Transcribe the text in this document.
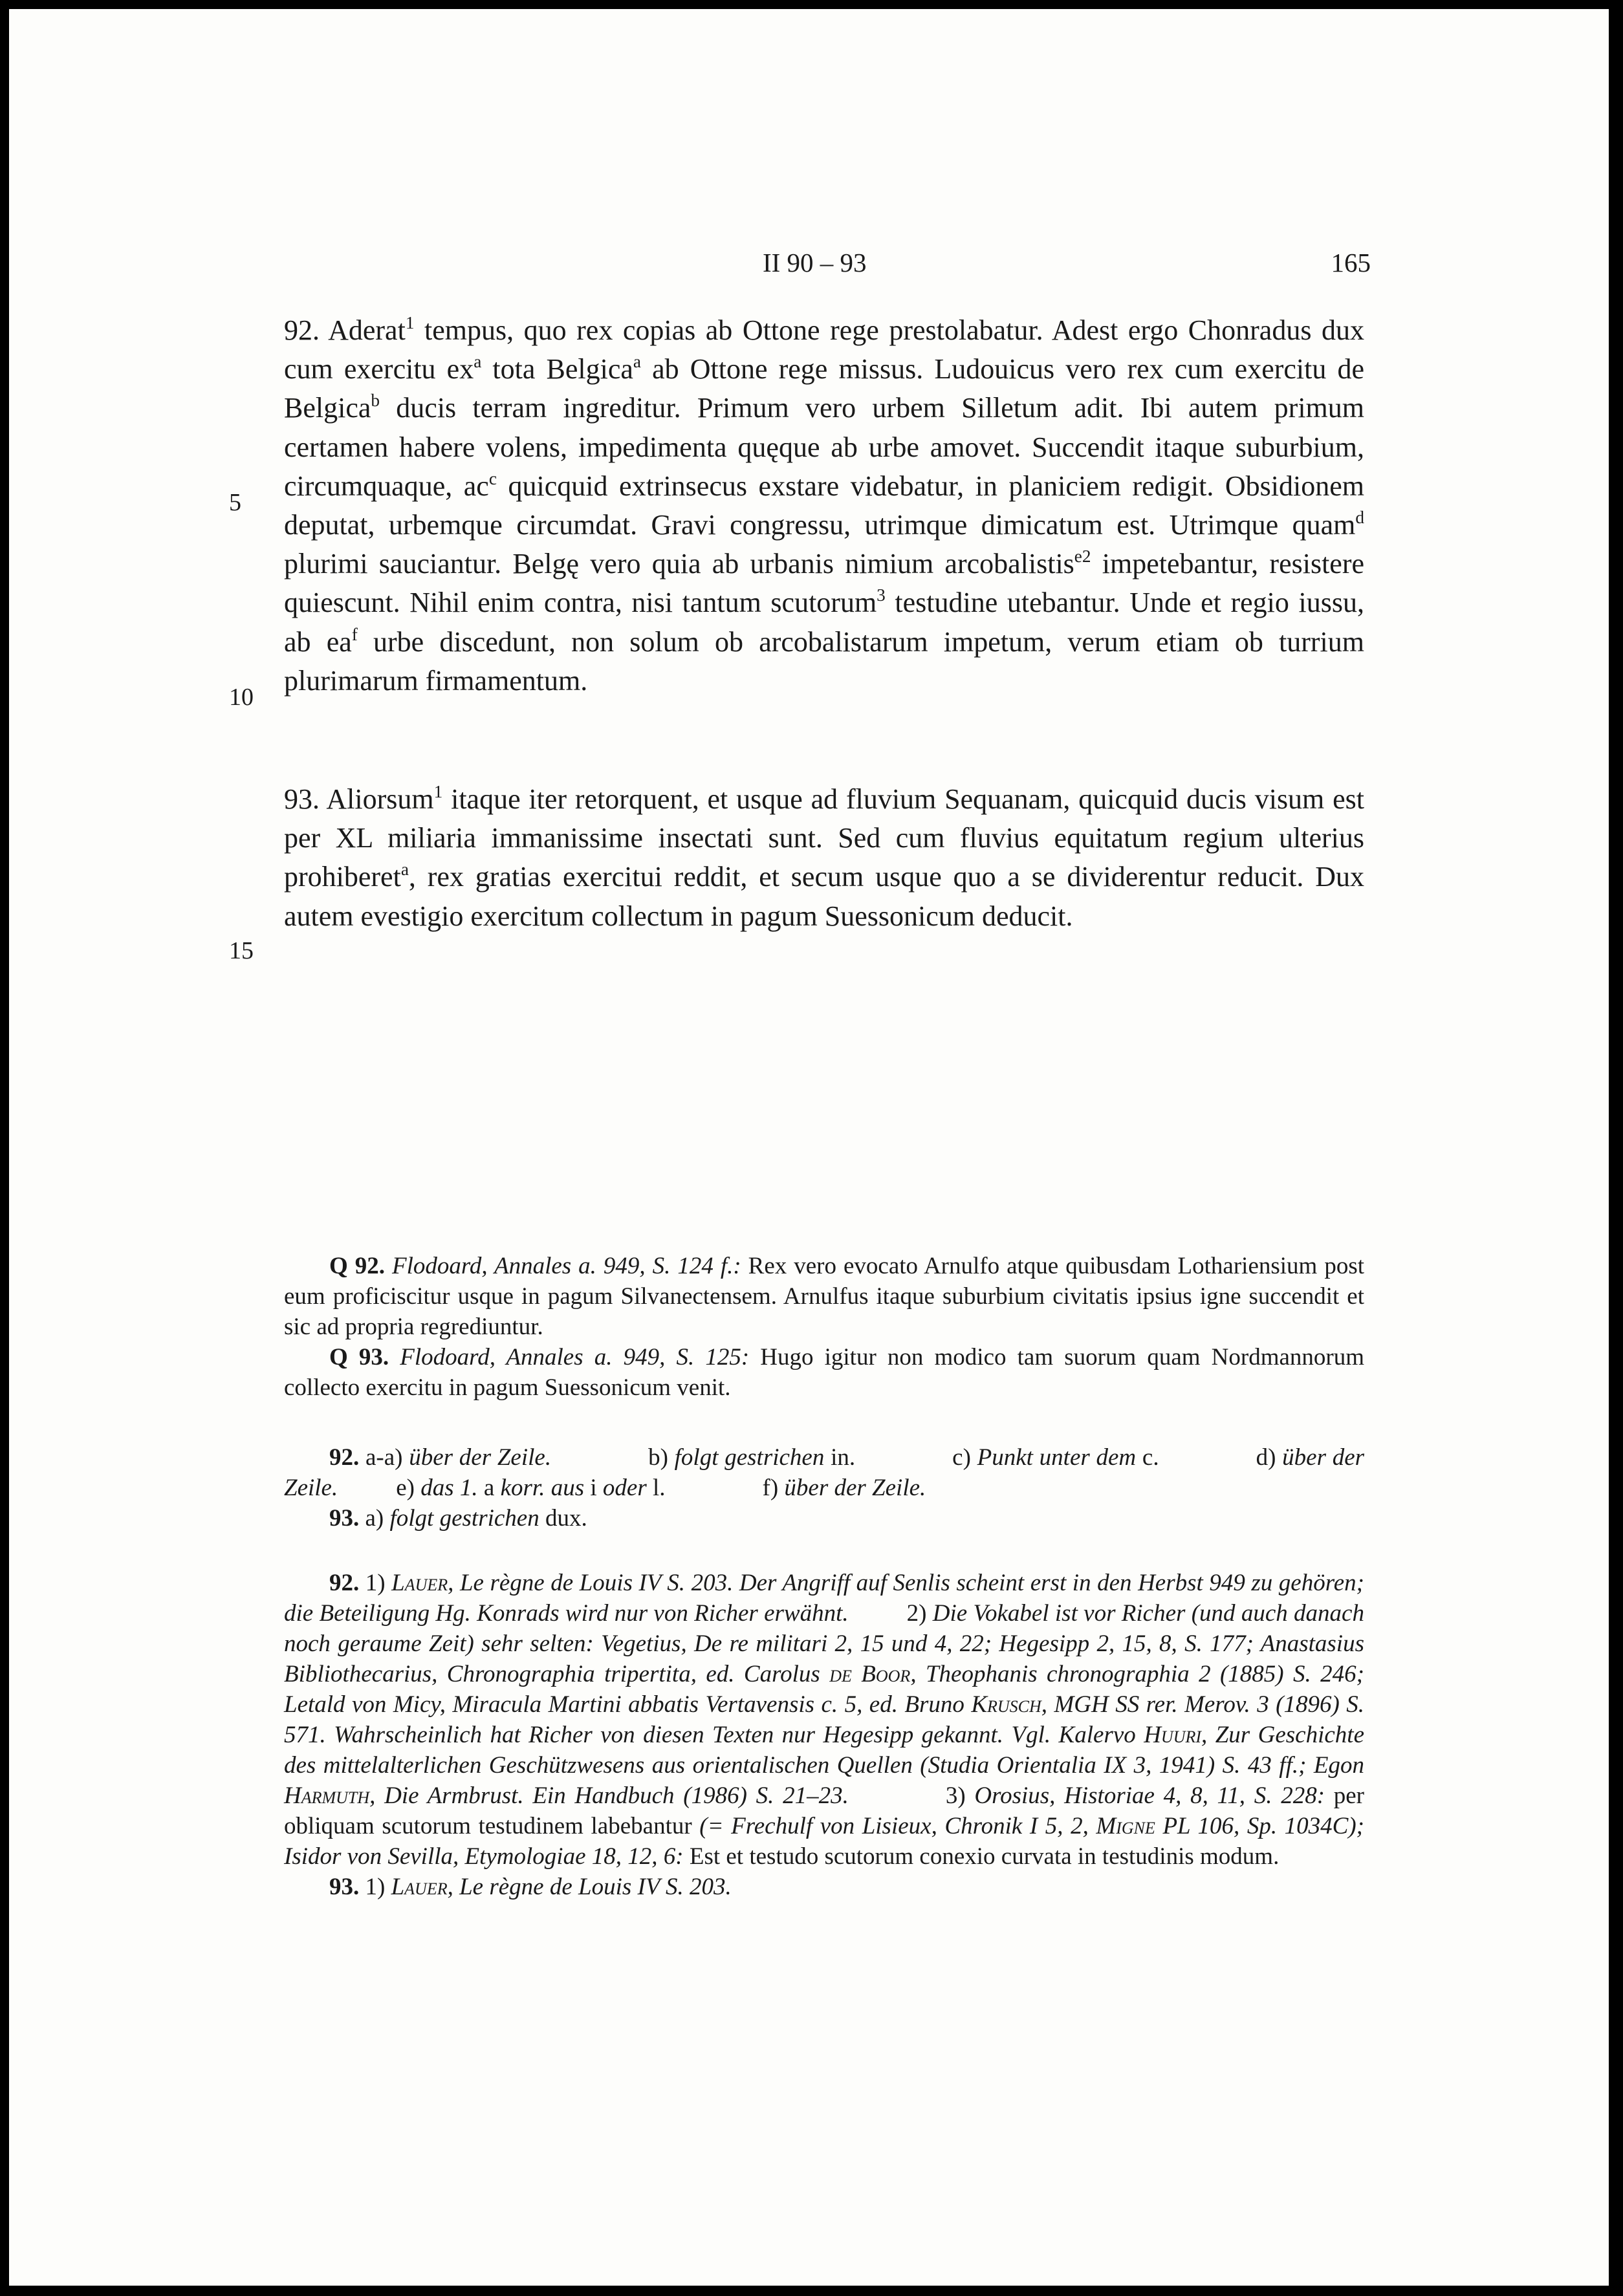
II 90 – 93	165
5
10
15

92. Aderat$^1$ tempus, quo rex copias ab Ottone rege prestolabatur. Adest ergo Chonradus dux cum exercitu $ex^a$ tota Belgica$^a$ ab Ottone rege missus. Ludouicus vero rex cum exercitu de Belgica$^b$ ducis terram ingreditur. Primum vero urbem Silletum adit. Ibi autem primum certamen habere volens, impedimenta quęque ab urbe amovet. Succendit itaque suburbium, circumquaque, $ac^c$ quicquid extrinsecus exstare videbatur, in planiciem redigit. Obsidionem deputat, urbemque circumdat. Gravi congressu, utrimque dimicatum est. Utrimque quam$^d$ plurimi sauciantur. Belgę vero quia ab urbanis nimium arcobalistis$^{e2}$ impetebantur, resistere quiescunt. Nihil enim contra, nisi tantum scutorum$^3$ testudine utebantur. Unde et regio iussu, ab $ea^f$ urbe discedunt, non solum ob arcobalistarum impetum, verum etiam ob turrium plurimarum firmamentum.

93. Aliorsum$^1$ itaque iter retorquent, et usque ad fluvium Sequanam, quicquid ducis visum est per XL miliaria immanissime insectati sunt. Sed cum fluvius equitatum regium ulterius prohiberet$^a$, rex gratias exercitui reddit, et secum usque quo a se dividerentur reducit. Dux autem evestigio exercitum collectum in pagum Suessonicum deducit.

Q 92. Flodoard, Annales a. 949, S. 124 f.: Rex vero evocato Arnulfo atque quibusdam Lothariensium post eum proficiscitur usque in pagum Silvanectensem. Arnulfus itaque suburbium civitatis ipsius igne succendit et sic ad propria regrediuntur.

Q 93. Flodoard, Annales a. 949, S. 125: Hugo igitur non modico tam suorum quam Nordmannorum collecto exercitu in pagum Suessonicum venit.

92. a-a) über der Zeile.	b) folgt gestrichen in.	c) Punkt unter dem c.	d) über der Zeile. e) das 1. a korr. aus i oder l.	f) über der Zeile.

93. a) folgt gestrichen dux.

92. 1) Lauer, Le règne de Louis IV S. 203. Der Angriff auf Senlis scheint erst in den Herbst 949 zu gehören; die Beteiligung Hg. Konrads wird nur von Richer erwähnt. 2) Die Vokabel ist vor Richer (und auch danach noch geraume Zeit) sehr selten: Vegetius, De re militari 2, 15 und 4, 22; Hegesipp 2, 15, 8, S. 177; Anastasius Bibliothecarius, Chronographia tripertita, ed. Carolus de Boor, Theophanis chronographia 2 (1885) S. 246; Letald von Micy, Miracula Martini abbatis Vertavensis c. 5, ed. Bruno Krusch, MGH SS rer. Merov. 3 (1896) S. 571. Wahrscheinlich hat Richer von diesen Texten nur Hegesipp gekannt. Vgl. Kalervo Huuri, Zur Geschichte des mittelalterlichen Geschützwesens aus orientalischen Quellen (Studia Orientalia IX 3, 1941) S. 43 ff.; Egon Harmuth, Die Armbrust. Ein Handbuch (1986) S. 21–23.	3) Orosius, Historiae 4, 8, 11, S. 228: per obliquam scutorum testudinem labebantur (= Frechulf von Lisieux, Chronik I 5, 2, Migne PL 106, Sp. 1034C); Isidor von Sevilla, Etymologiae 18, 12, 6: Est et testudo scutorum conexio curvata in testudinis modum.

93. 1) Lauer, Le règne de Louis IV S. 203.
